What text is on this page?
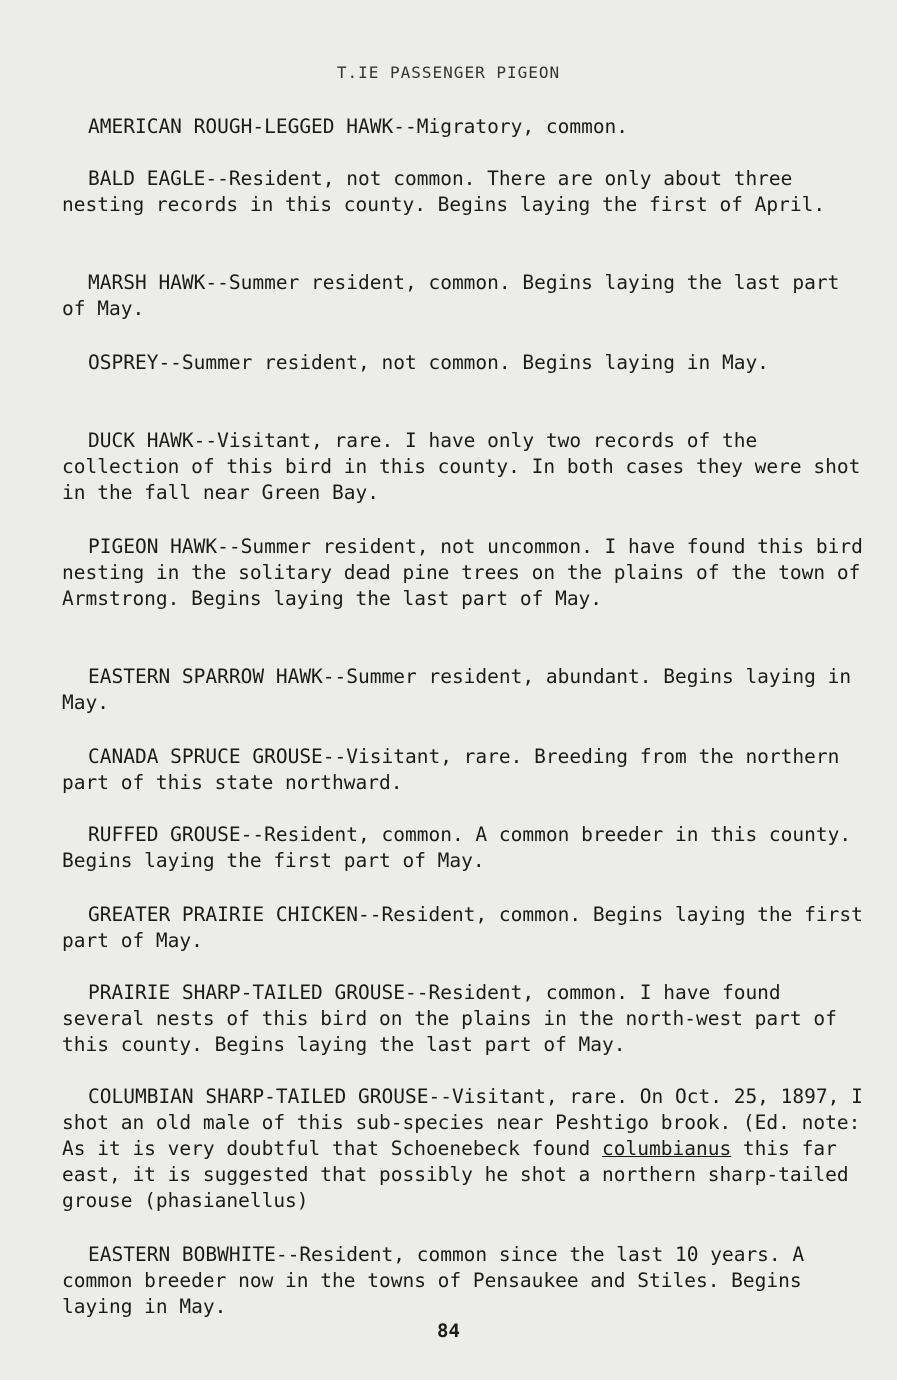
T.IE PASSENGER PIGEON

AMERICAN ROUGH-LEGGED HAWK--Migratory, common.

BALD EAGLE--Resident, not common. There are only about three nesting records in this county. Begins laying the first of April.

MARSH HAWK--Summer resident, common. Begins laying the last part of May.

OSPREY--Summer resident, not common. Begins laying in May.

DUCK HAWK--Visitant, rare. I have only two records of the collection of this bird in this county. In both cases they were shot in the fall near Green Bay.

PIGEON HAWK--Summer resident, not uncommon. I have found this bird nesting in the solitary dead pine trees on the plains of the town of Armstrong. Begins laying the last part of May.

EASTERN SPARROW HAWK--Summer resident, abundant. Begins laying in May.

CANADA SPRUCE GROUSE--Visitant, rare. Breeding from the northern part of this state northward.

RUFFED GROUSE--Resident, common. A common breeder in this county. Begins laying the first part of May.

GREATER PRAIRIE CHICKEN--Resident, common. Begins laying the first part of May.

PRAIRIE SHARP-TAILED GROUSE--Resident, common. I have found several nests of this bird on the plains in the north-west part of this county. Begins laying the last part of May.

COLUMBIAN SHARP-TAILED GROUSE--Visitant, rare. On Oct. 25, 1897, I shot an old male of this sub-species near Peshtigo brook. (Ed. note: As it is very doubtful that Schoenebeck found columbianus this far east, it is suggested that possibly he shot a northern sharp-tailed grouse (phasianellus)

EASTERN BOBWHITE--Resident, common since the last 10 years. A common breeder now in the towns of Pensaukee and Stiles. Begins laying in May.

84
